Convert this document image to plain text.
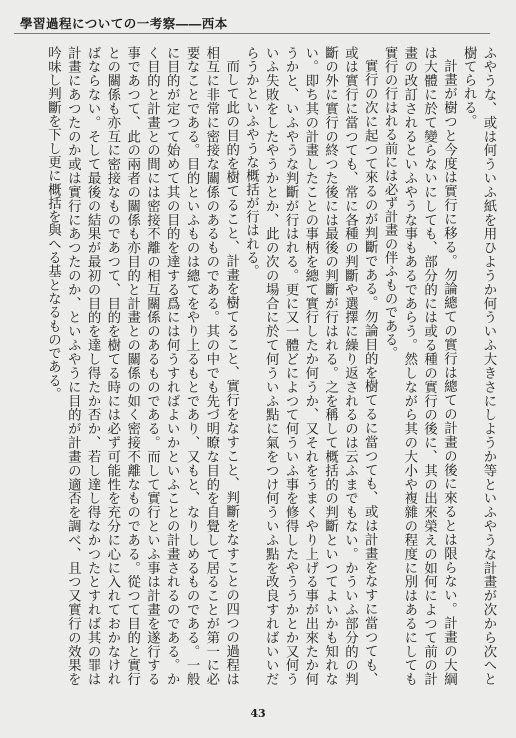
學習過程についての一考察――西本

ふやうな、或は何ういふ紙を用ひようか何ういふ大きさにしようか等といふやうな計畫が次から次へと樹てられる。

計畫が樹つと今度は實行に移る。勿論總ての實行は總ての計畫の後に來るとは限らない。計畫の大綱は大體に於て變らないにしても、部分的には或る種の實行の後に、其の出來榮えの如何によつて前の計畫の改訂されるといふやうな事もあるであらう。然しながら其の大小や複雜の程度に別はあるにしても實行の行はれる前には必ず計畫の伴ふものである。

實行の次に起つて來るのが判斷である。勿論目的を樹てるに當つても、或は計畫をなすに當つても、或は實行に當つても、常に各種の判斷や選擇に繰り返されるのは云ふまでもない。かういふ部分的の判斷の外に實行の終つた後には最後の判斷が行はれる。之を稱して概括的の判斷といつてよいかも知れない。即ち其の計畫したことの事柄を總て實行したか何うか、又それをうまくやり上げる事が出來たか何うかと、いふやうな判斷が行はれる。更に又一體どによつて何ういふ事を修得したやううかとか又何ういふ失敗をしたやうかとか、此の次の場合に於て何ういふ點に氣をつけ何ういふ點を改良すればいいだらうかといふやうな概括が行はれる。

而して此の目的を樹てること、計畫を樹てること、實行をなすこと、判斷をなすことの四つの過程は相互に非常に密接な關係のあるものである。其の中でも先づ明瞭な目的を自覺して居ることが第一に必要なことである。目的といふものは總てをやり上るもとであり、又もと、なりしめるものである。一般に目的が定つて始めて其の目的を達する爲には何うすればよいかといふことの計畫されるのである。かく目的と計畫との間には密接不離の相互關係のあるものである。而して實行といふ事は計畫を遂行する事であつて、此の兩者の關係も亦目的と計畫との關係の如く密接不離なものである。從つて目的と實行との關係も亦互に密接なものであつて、目的を樹てる時には必ず可能性を充分に心に入れておかなければならない。そして最後の結果が最初の目的を達し得たか否か、若し達し得なかつたとすれば其の罪は計畫にあつたのか或は實行にあつたのか、といふやうに目的が計畫の適否を調べ、且つ又實行の效果を吟味し判斷を下し更に概括を與へる基となるものである。

43
